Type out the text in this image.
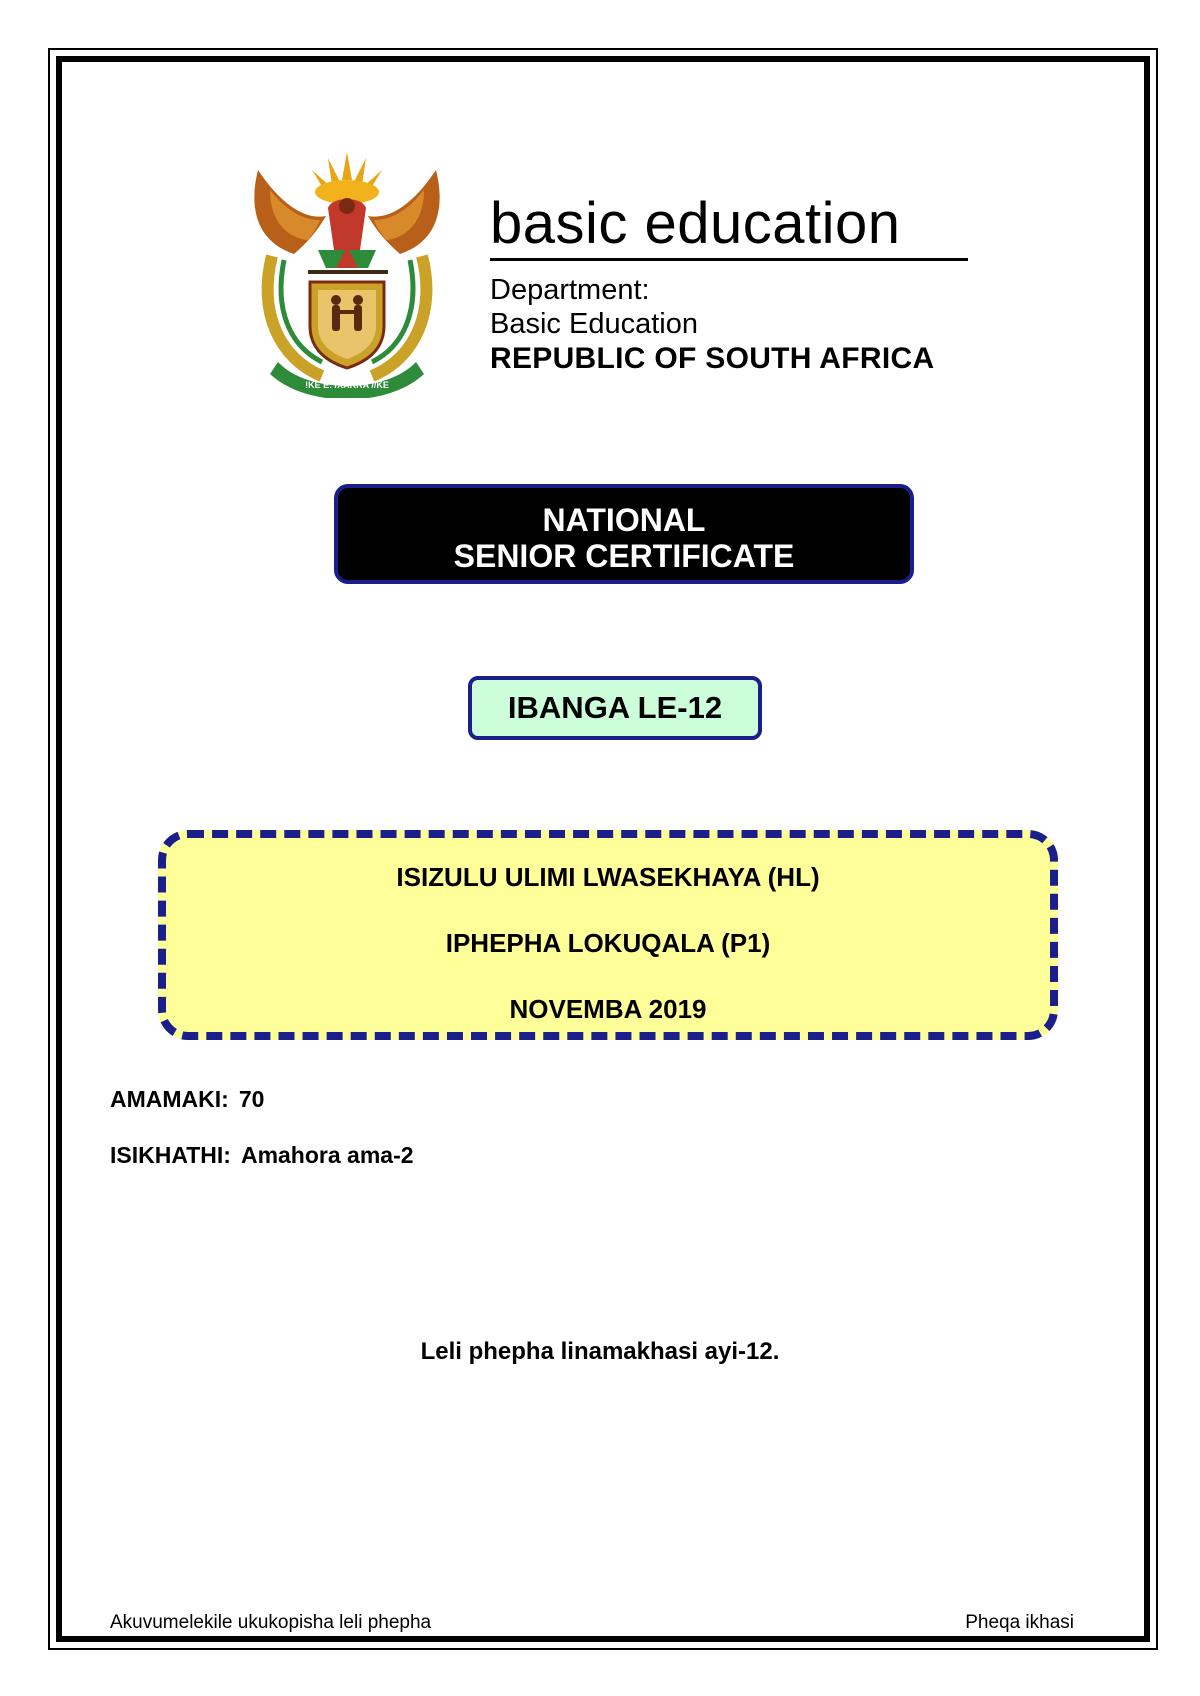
!KE E: /XARRA //KE
basic education
Department:
Basic Education
REPUBLIC OF SOUTH AFRICA
NATIONAL
SENIOR CERTIFICATE
IBANGA LE-12
ISIZULU ULIMI LWASEKHAYA (HL)
IPHEPHA LOKUQALA (P1)
NOVEMBA 2019
AMAMAKI: 70
ISIKHATHI: Amahora ama-2
Leli phepha linamakhasi ayi-12.
Akuvumelekile ukukopisha leli phepha	Pheqa ikhasi
